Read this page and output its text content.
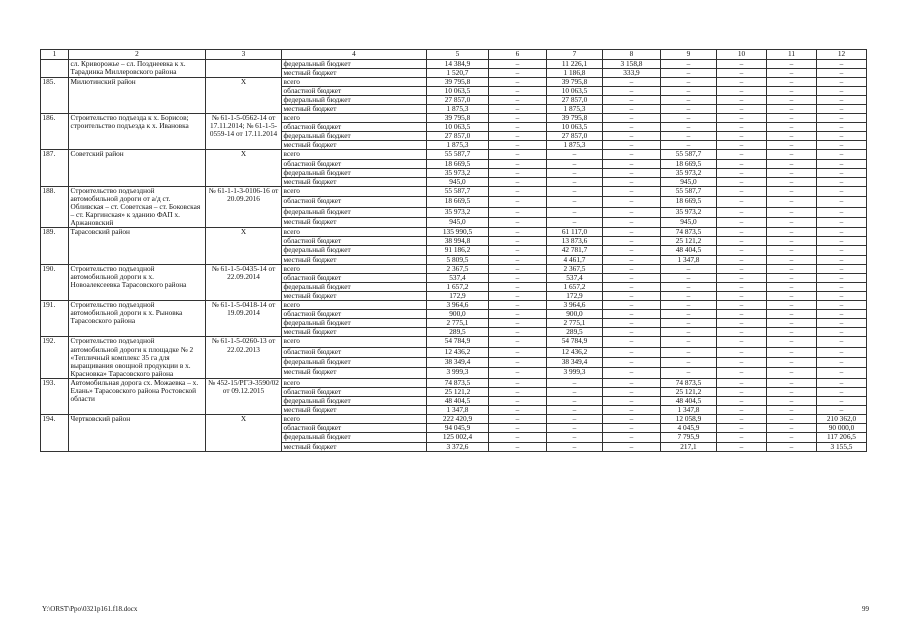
1	2	3	4	5	6	7	8	9	10	11	12
	сл. Криворожье – сл. Позднеевка к х. Тарадинка Миллеровского района		федеральный бюджет	14 384,9	–	11 226,1	3 158,8	–	–	–	–
			местный бюджет	1 520,7	–	1 186,8	333,9	–	–	–	–
185.	Милютинский район	Х	всего	39 795,8	–	39 795,8	–	–	–	–	–
			областной бюджет	10 063,5	–	10 063,5	–	–	–	–	–
			федеральный бюджет	27 857,0	–	27 857,0	–	–	–	–	–
			местный бюджет	1 875,3	–	1 875,3	–	–	–	–	–
186.	Строительство подъезда к х. Борисов; строительство подъезда к х. Ивановка	№ 61-1-5-0562-14 от 17.11.2014; № 61-1-5-0559-14 от 17.11.2014	всего	39 795,8	–	39 795,8	–	–	–	–	–
			областной бюджет	10 063,5	–	10 063,5	–	–	–	–	–
			федеральный бюджет	27 857,0	–	27 857,0	–	–	–	–	–
			местный бюджет	1 875,3	–	1 875,3	–	–	–	–	–
187.	Советский район	Х	всего	55 587,7	–	–	–	55 587,7	–	–	–
			областной бюджет	18 669,5	–	–	–	18 669,5	–	–	–
			федеральный бюджет	35 973,2	–	–	–	35 973,2	–	–	–
			местный бюджет	945,0	–	–	–	945,0	–	–	–
188.	Строительство подъездной автомобильной дороги от а/д ст. Обливская – ст. Советская – ст. Боковская – ст. Каргинская» к зданию ФАП х. Аржановский	№ 61-1-1-3-0106-16 от 20.09.2016	всего	55 587,7	–	–	–	55 587,7	–	–	–
			областной бюджет	18 669,5	–	–	–	18 669,5	–	–	–
			федеральный бюджет	35 973,2	–	–	–	35 973,2	–	–	–
			местный бюджет	945,0	–	–	–	945,0	–	–	–
189.	Тарасовский район	Х	всего	135 990,5	–	61 117,0	–	74 873,5	–	–	–
			областной бюджет	38 994,8	–	13 873,6	–	25 121,2	–	–	–
			федеральный бюджет	91 186,2	–	42 781,7	–	48 404,5	–	–	–
			местный бюджет	5 809,5	–	4 461,7	–	1 347,8	–	–	–
190.	Строительство подъездной автомобильной дороги к х. Новоалексеевка Тарасовского района	№ 61-1-5-0435-14 от 22.09.2014	всего	2 367,5	–	2 367,5	–	–	–	–	–
			областной бюджет	537,4	–	537,4	–	–	–	–	–
			федеральный бюджет	1 657,2	–	1 657,2	–	–	–	–	–
			местный бюджет	172,9	–	172,9	–	–	–	–	–
191.	Строительство подъездной автомобильной дороги к х. Рыновка Тарасовского района	№ 61-1-5-0418-14 от 19.09.2014	всего	3 964,6	–	3 964,6	–	–	–	–	–
			областной бюджет	900,0	–	900,0	–	–	–	–	–
			федеральный бюджет	2 775,1	–	2 775,1	–	–	–	–	–
			местный бюджет	289,5	–	289,5	–	–	–	–	–
192.	Строительство подъездной автомобильной дороги к площадке № 2 «Тепличный комплекс 35 га для выращивания овощной продукции в х. Красновка» Тарасовского района	№ 61-1-5-0260-13 от 22.02.2013	всего	54 784,9	–	54 784,9	–	–	–	–	–
			областной бюджет	12 436,2	–	12 436,2	–	–	–	–	–
			федеральный бюджет	38 349,4	–	38 349,4	–	–	–	–	–
			местный бюджет	3 999,3	–	3 999,3	–	–	–	–	–
193.	Автомобильная дорога сх. Можаевка – х. Елань» Тарасовского района Ростовской области	№ 452-15/РГЭ-3590/02 от 09.12.2015	всего	74 873,5	–	–	–	74 873,5	–	–	–
			областной бюджет	25 121,2	–	–	–	25 121,2	–	–	–
			федеральный бюджет	48 404,5	–	–	–	48 404,5	–	–	–
			местный бюджет	1 347,8	–	–	–	1 347,8	–	–	–
194.	Чертковский район	Х	всего	222 420,9	–	–	–	12 058,9	–	–	210 362,0
			областной бюджет	94 045,9	–	–	–	4 045,9	–	–	90 000,0
			федеральный бюджет	125 002,4	–	–	–	7 795,9	–	–	117 206,5
			местный бюджет	3 372,6	–	–	–	217,1	–	–	3 155,5
Y:\ORST\Ppo\0321p161.f18.docx	99
